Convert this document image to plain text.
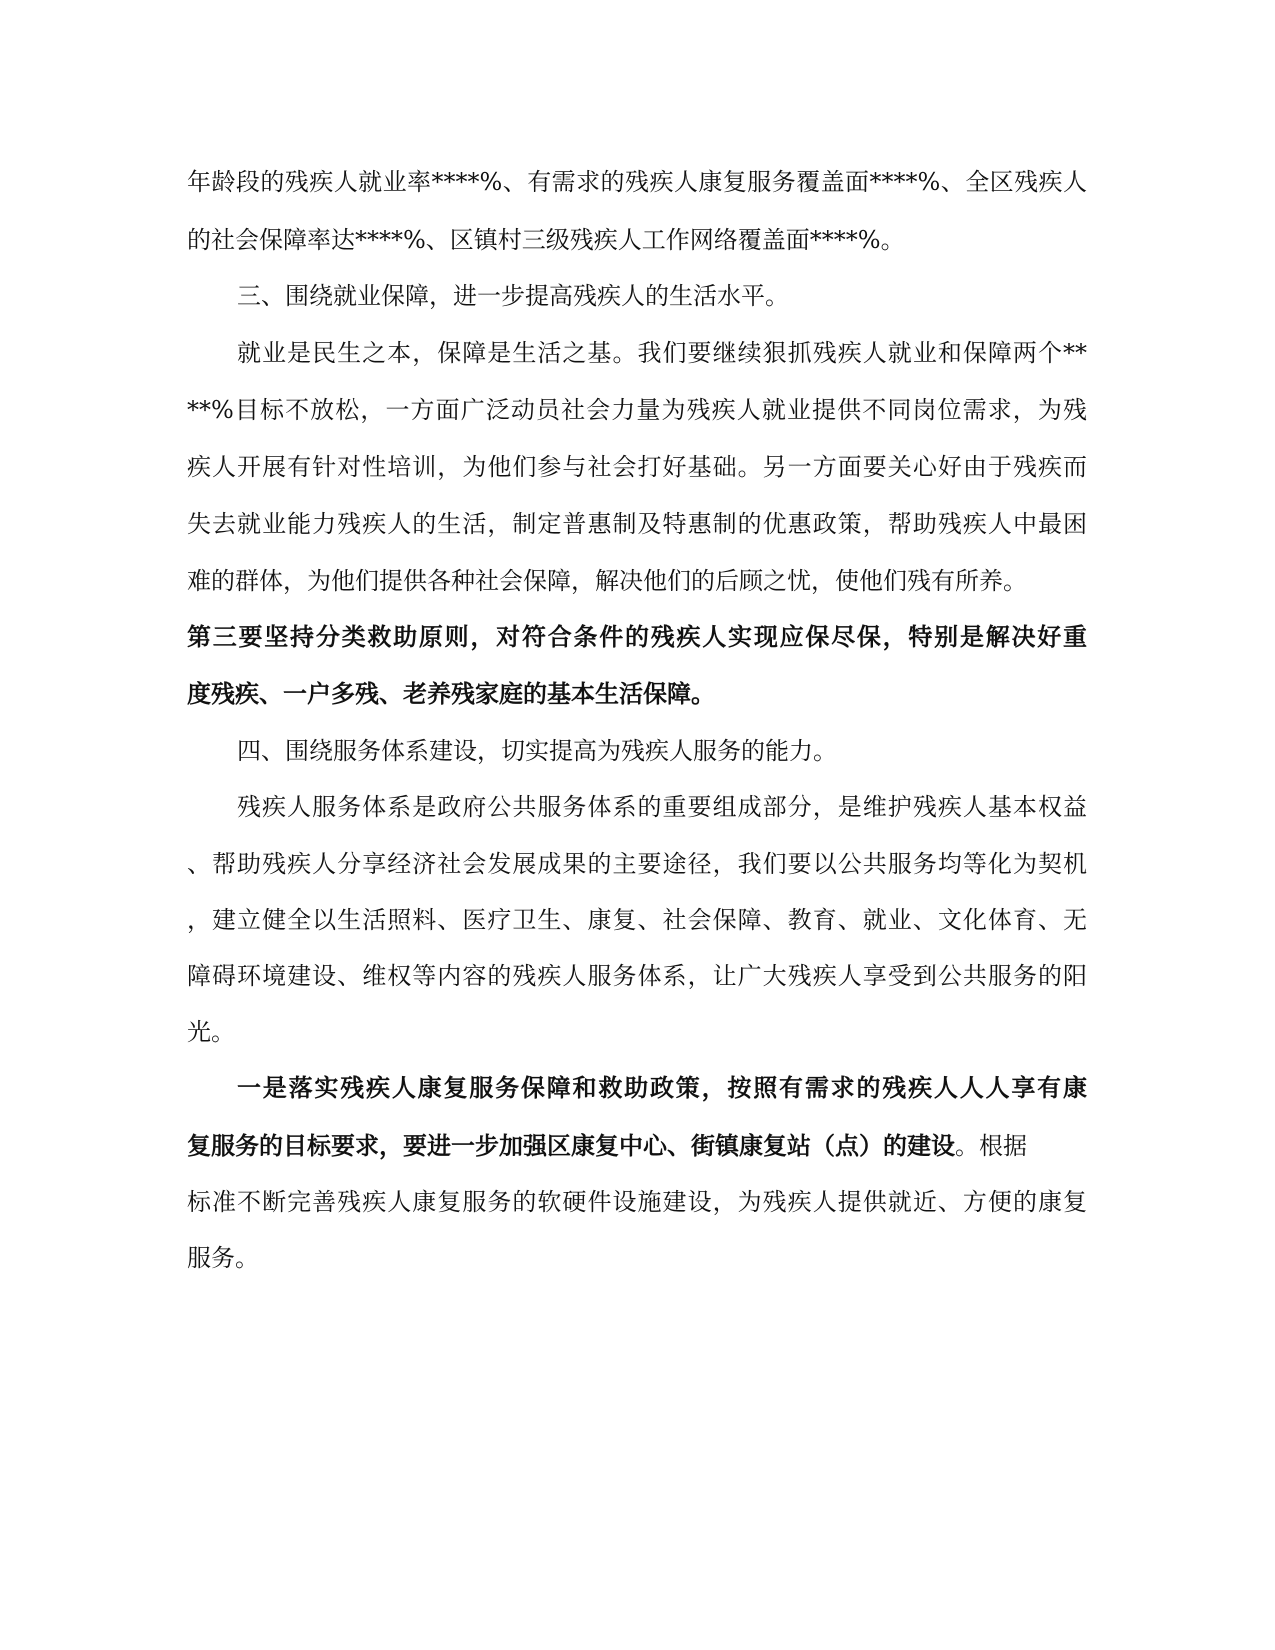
年龄段的残疾人就业率****%、有需求的残疾人康复服务覆盖面****%、全区残疾人
的社会保障率达****%、区镇村三级残疾人工作网络覆盖面****%。
三、围绕就业保障，进一步提高残疾人的生活水平。
就业是民生之本，保障是生活之基。我们要继续狠抓残疾人就业和保障两个**
**%目标不放松，一方面广泛动员社会力量为残疾人就业提供不同岗位需求，为残
疾人开展有针对性培训，为他们参与社会打好基础。另一方面要关心好由于残疾而
失去就业能力残疾人的生活，制定普惠制及特惠制的优惠政策，帮助残疾人中最困
难的群体，为他们提供各种社会保障，解决他们的后顾之忧，使他们残有所养。
第三要坚持分类救助原则，对符合条件的残疾人实现应保尽保，特别是解决好重
度残疾、一户多残、老养残家庭的基本生活保障。
四、围绕服务体系建设，切实提高为残疾人服务的能力。
残疾人服务体系是政府公共服务体系的重要组成部分，是维护残疾人基本权益
、帮助残疾人分享经济社会发展成果的主要途径，我们要以公共服务均等化为契机
，建立健全以生活照料、医疗卫生、康复、社会保障、教育、就业、文化体育、无
障碍环境建设、维权等内容的残疾人服务体系，让广大残疾人享受到公共服务的阳
光。
一是落实残疾人康复服务保障和救助政策，按照有需求的残疾人人人享有康
复服务的目标要求，要进一步加强区康复中心、街镇康复站（点）的建设。根据
标准不断完善残疾人康复服务的软硬件设施建设，为残疾人提供就近、方便的康复
服务。
